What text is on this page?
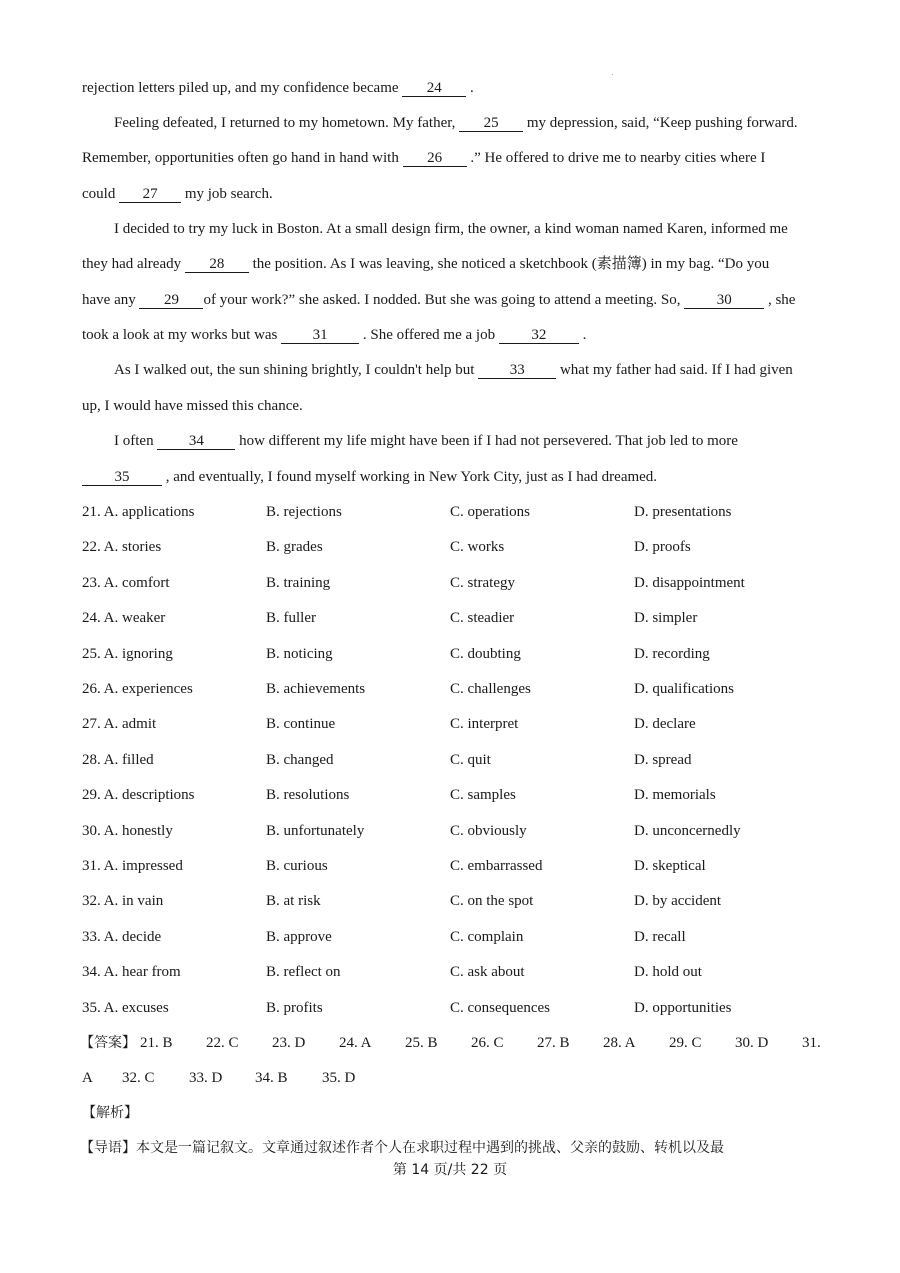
rejection letters piled up, and my confidence became 24 .
Feeling defeated, I returned to my hometown. My father, 25 my depression, said, “Keep pushing forward.
Remember, opportunities often go hand in hand with 26 .” He offered to drive me to nearby cities where I
could 27 my job search.
I decided to try my luck in Boston. At a small design firm, the owner, a kind woman named Karen, informed me
they had already 28 the position. As I was leaving, she noticed a sketchbook (素描簿) in my bag. “Do you
have any 29 of your work?” she asked. I nodded. But she was going to attend a meeting. So, 30 , she
took a look at my works but was 31 . She offered me a job 32 .
As I walked out, the sun shining brightly, I couldn't help but 33 what my father had said. If I had given
up, I would have missed this chance.
I often 34 how different my life might have been if I had not persevered. That job led to more
35 , and eventually, I found myself working in New York City, just as I had dreamed.
21. A. applications	B. rejections	C. operations	D. presentations
22. A. stories	B. grades	C. works	D. proofs
23. A. comfort	B. training	C. strategy	D. disappointment
24. A. weaker	B. fuller	C. steadier	D. simpler
25. A. ignoring	B. noticing	C. doubting	D. recording
26. A. experiences	B. achievements	C. challenges	D. qualifications
27. A. admit	B. continue	C. interpret	D. declare
28. A. filled	B. changed	C. quit	D. spread
29. A. descriptions	B. resolutions	C. samples	D. memorials
30. A. honestly	B. unfortunately	C. obviously	D. unconcernedly
31. A. impressed	B. curious	C. embarrassed	D. skeptical
32. A. in vain	B. at risk	C. on the spot	D. by accident
33. A. decide	B. approve	C. complain	D. recall
34. A. hear from	B. reflect on	C. ask about	D. hold out
35. A. excuses	B. profits	C. consequences	D. opportunities
【答案】 21. B 22. C 23. D 24. A 25. B 26. C 27. B 28. A 29. C 30. D 31.
A 32. C 33. D 34. B 35. D
【解析】
【导语】本文是一篇记叙文。文章通过叙述作者个人在求职过程中遇到的挑战、父亲的鼓励、转机以及最
第 14 页/共 22 页
